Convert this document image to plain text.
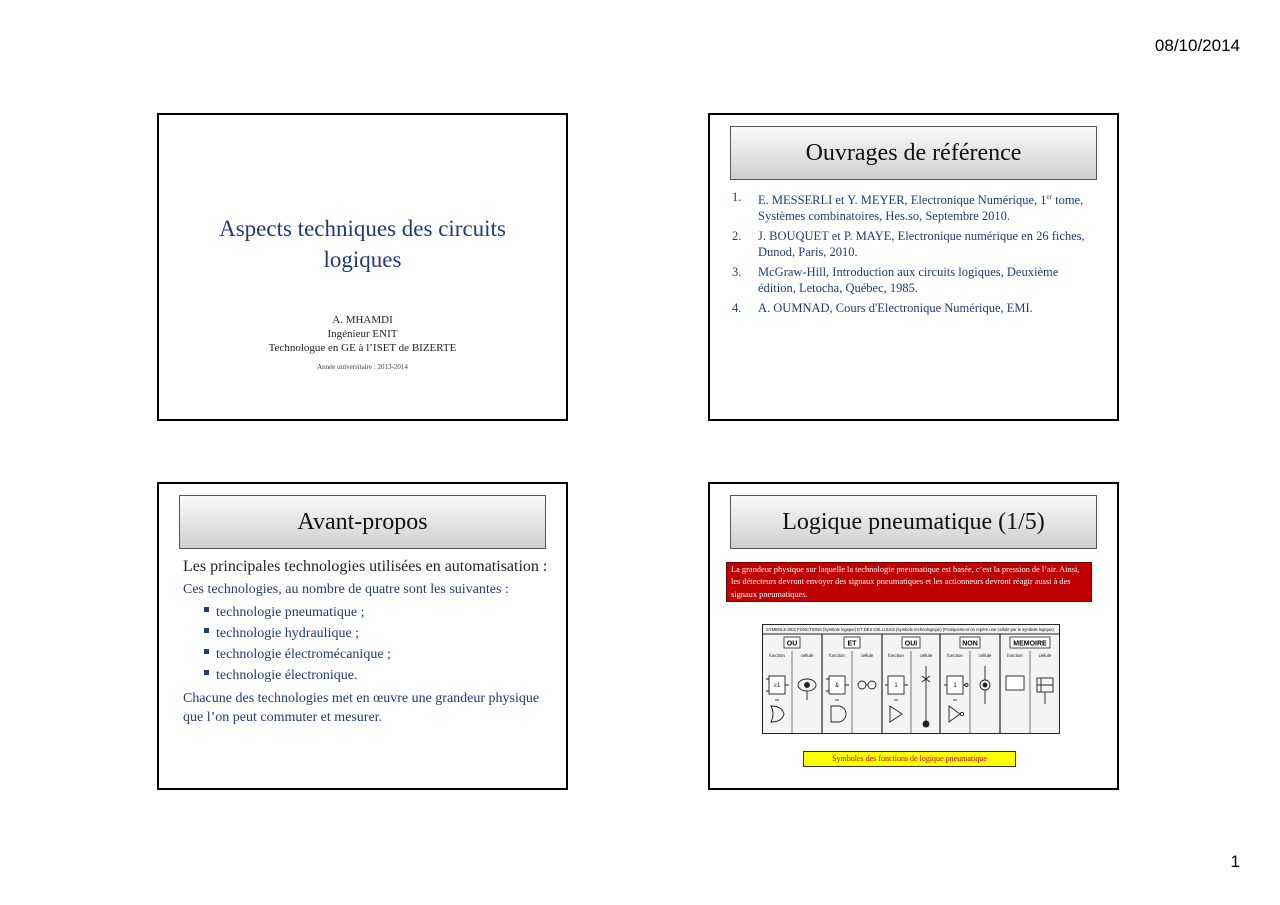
08/10/2014
Aspects techniques des circuits
logiques
A. MHAMDI
Ingénieur ENIT
Technologue en GE à l’ISET de BIZERTE
Année universitaire : 2013-2014
Ouvrages de référence
1.	E. MESSERLI et Y. MEYER, Electronique Numérique, 1er tome, Systèmes combinatoires, Hes.so, Septembre 2010.
2.	J. BOUQUET et P. MAYE, Electronique numérique en 26 fiches, Dunod, Paris, 2010.
3.	McGraw-Hill, Introduction aux circuits logiques, Deuxième édition, Letocha, Québec, 1985.
4.	A. OUMNAD, Cours d'Electronique Numérique, EMI.
Avant-propos

Les principales technologies utilisées en automatisation :

Ces technologies, au nombre de quatre sont les suivantes :

technologie pneumatique ;
technologie hydraulique ;
technologie électromécanique ;
technologie électronique.

Chacune des technologies met en œuvre une grandeur physique que l’on peut commuter et mesurer.

Logique pneumatique (1/5)
La grandeur physique sur laquelle la technologie pneumatique est basée, c’est la pression de l’air. Ainsi, les détecteurs devront envoyer des signaux pneumatiques et les actionneurs devront réagir aussi à des signaux pneumatiques.
SYMBOLE DES FONCTIONS (symbole logique) ET DES CELLULES (symbole technologique) (Pratiquement on repère une cellule par le symbole logique)
OU	ET	OUI	NON	MEMOIRE
fonction	cellule	fonction	cellule	fonction	cellule	fonction	cellule	fonction	cellule
≥1	&	1	1
ou	ou	ou	ou
Symboles des fonctions de logique pneumatique
1
